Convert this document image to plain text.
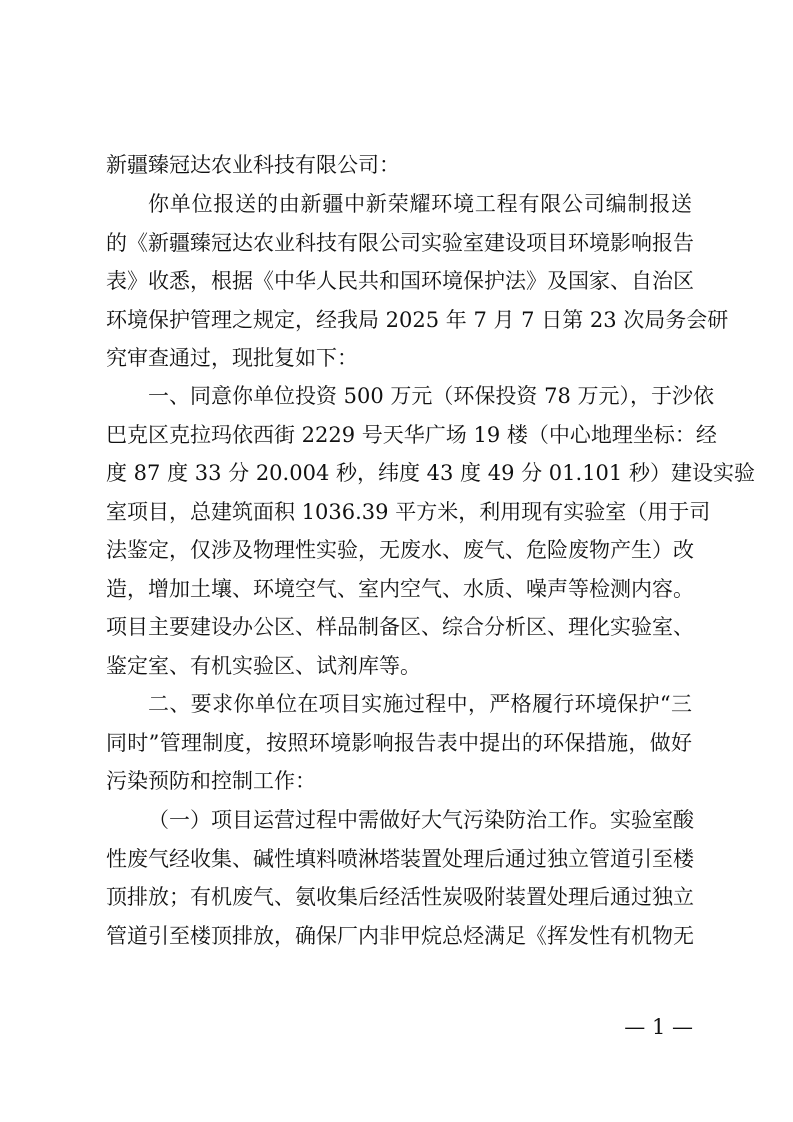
新疆臻冠达农业科技有限公司：
你单位报送的由新疆中新荣耀环境工程有限公司编制报送
的《新疆臻冠达农业科技有限公司实验室建设项目环境影响报告
表》收悉，根据《中华人民共和国环境保护法》及国家、自治区
环境保护管理之规定，经我局 2025 年 7 月 7 日第 23 次局务会研
究审查通过，现批复如下：
一、同意你单位投资 500 万元（环保投资 78 万元），于沙依
巴克区克拉玛依西街 2229 号天华广场 19 楼（中心地理坐标：经
度 87 度 33 分 20.004 秒，纬度 43 度 49 分 01.101 秒）建设实验
室项目，总建筑面积 1036.39 平方米，利用现有实验室（用于司
法鉴定，仅涉及物理性实验，无废水、废气、危险废物产生）改
造，增加土壤、环境空气、室内空气、水质、噪声等检测内容。
项目主要建设办公区、样品制备区、综合分析区、理化实验室、
鉴定室、有机实验区、试剂库等。
二、要求你单位在项目实施过程中，严格履行环境保护“三
同时”管理制度，按照环境影响报告表中提出的环保措施，做好
污染预防和控制工作：
（一）项目运营过程中需做好大气污染防治工作。实验室酸
性废气经收集、碱性填料喷淋塔装置处理后通过独立管道引至楼
顶排放；有机废气、氨收集后经活性炭吸附装置处理后通过独立
— 1 —
管道引至楼顶排放，确保厂内非甲烷总烃满足《挥发性有机物无
